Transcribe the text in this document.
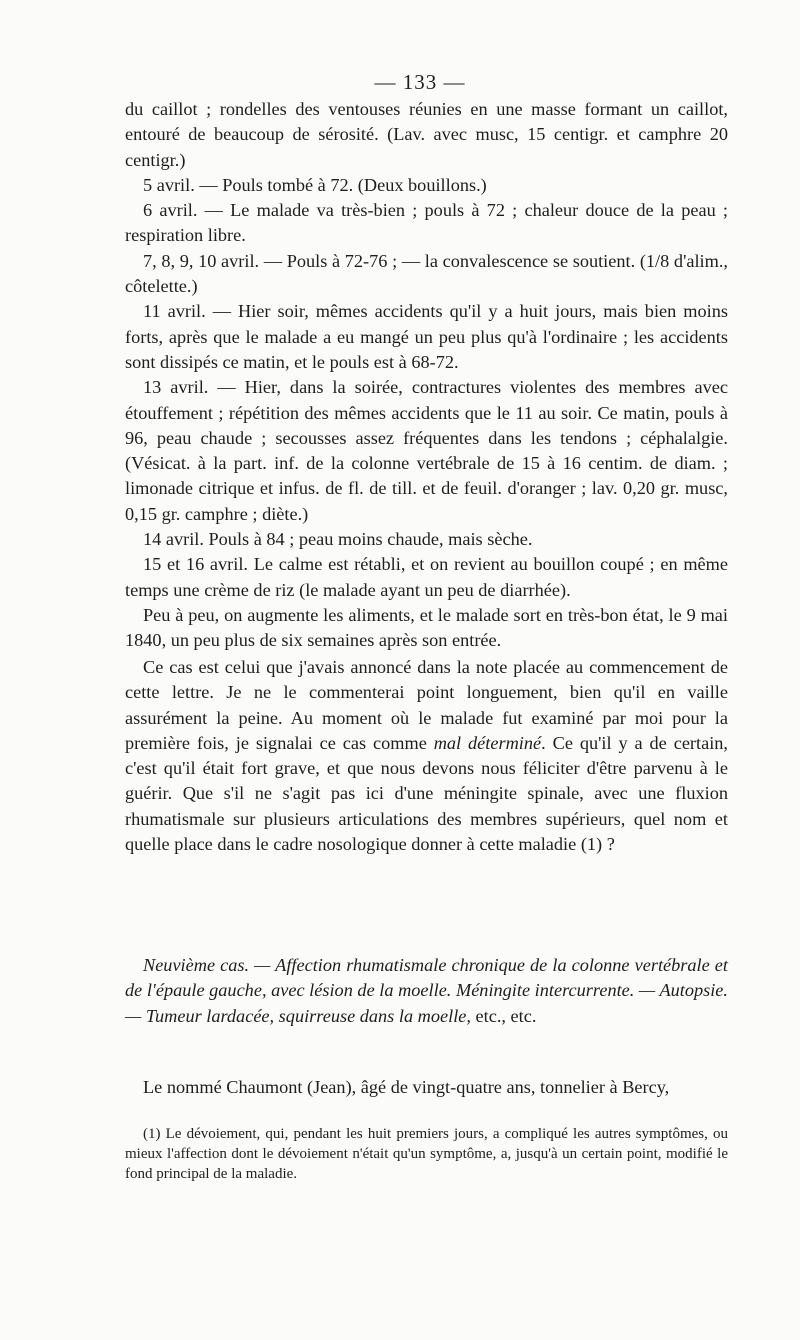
— 133 —

du caillot ; rondelles des ventouses réunies en une masse formant un caillot, entouré de beaucoup de sérosité. (Lav. avec musc, 15 centigr. et camphre 20 centigr.)

5 avril. — Pouls tombé à 72. (Deux bouillons.)

6 avril. — Le malade va très-bien ; pouls à 72 ; chaleur douce de la peau ; respiration libre.

7, 8, 9, 10 avril. — Pouls à 72-76 ; — la convalescence se soutient. (1/8 d'alim., côtelette.)

11 avril. — Hier soir, mêmes accidents qu'il y a huit jours, mais bien moins forts, après que le malade a eu mangé un peu plus qu'à l'ordinaire ; les accidents sont dissipés ce matin, et le pouls est à 68-72.

13 avril. — Hier, dans la soirée, contractures violentes des membres avec étouffement ; répétition des mêmes accidents que le 11 au soir. Ce matin, pouls à 96, peau chaude ; secousses assez fréquentes dans les tendons ; céphalalgie. (Vésicat. à la part. inf. de la colonne vertébrale de 15 à 16 centim. de diam. ; limonade citrique et infus. de fl. de till. et de feuil. d'oranger ; lav. 0,20 gr. musc, 0,15 gr. camphre ; diète.)

14 avril. Pouls à 84 ; peau moins chaude, mais sèche.

15 et 16 avril. Le calme est rétabli, et on revient au bouillon coupé ; en même temps une crème de riz (le malade ayant un peu de diarrhée).

Peu à peu, on augmente les aliments, et le malade sort en très-bon état, le 9 mai 1840, un peu plus de six semaines après son entrée.

Ce cas est celui que j'avais annoncé dans la note placée au commencement de cette lettre. Je ne le commenterai point longuement, bien qu'il en vaille assurément la peine. Au moment où le malade fut examiné par moi pour la première fois, je signalai ce cas comme mal déterminé. Ce qu'il y a de certain, c'est qu'il était fort grave, et que nous devons nous féliciter d'être parvenu à le guérir. Que s'il ne s'agit pas ici d'une méningite spinale, avec une fluxion rhumatismale sur plusieurs articulations des membres supérieurs, quel nom et quelle place dans le cadre nosologique donner à cette maladie (1) ?

Neuvième cas. — Affection rhumatismale chronique de la colonne vertébrale et de l'épaule gauche, avec lésion de la moelle. Méningite intercurrente. — Autopsie. — Tumeur lardacée, squirreuse dans la moelle, etc., etc.

Le nommé Chaumont (Jean), âgé de vingt-quatre ans, tonnelier à Bercy,

(1) Le dévoiement, qui, pendant les huit premiers jours, a compliqué les autres symptômes, ou mieux l'affection dont le dévoiement n'était qu'un symptôme, a, jusqu'à un certain point, modifié le fond principal de la maladie.
